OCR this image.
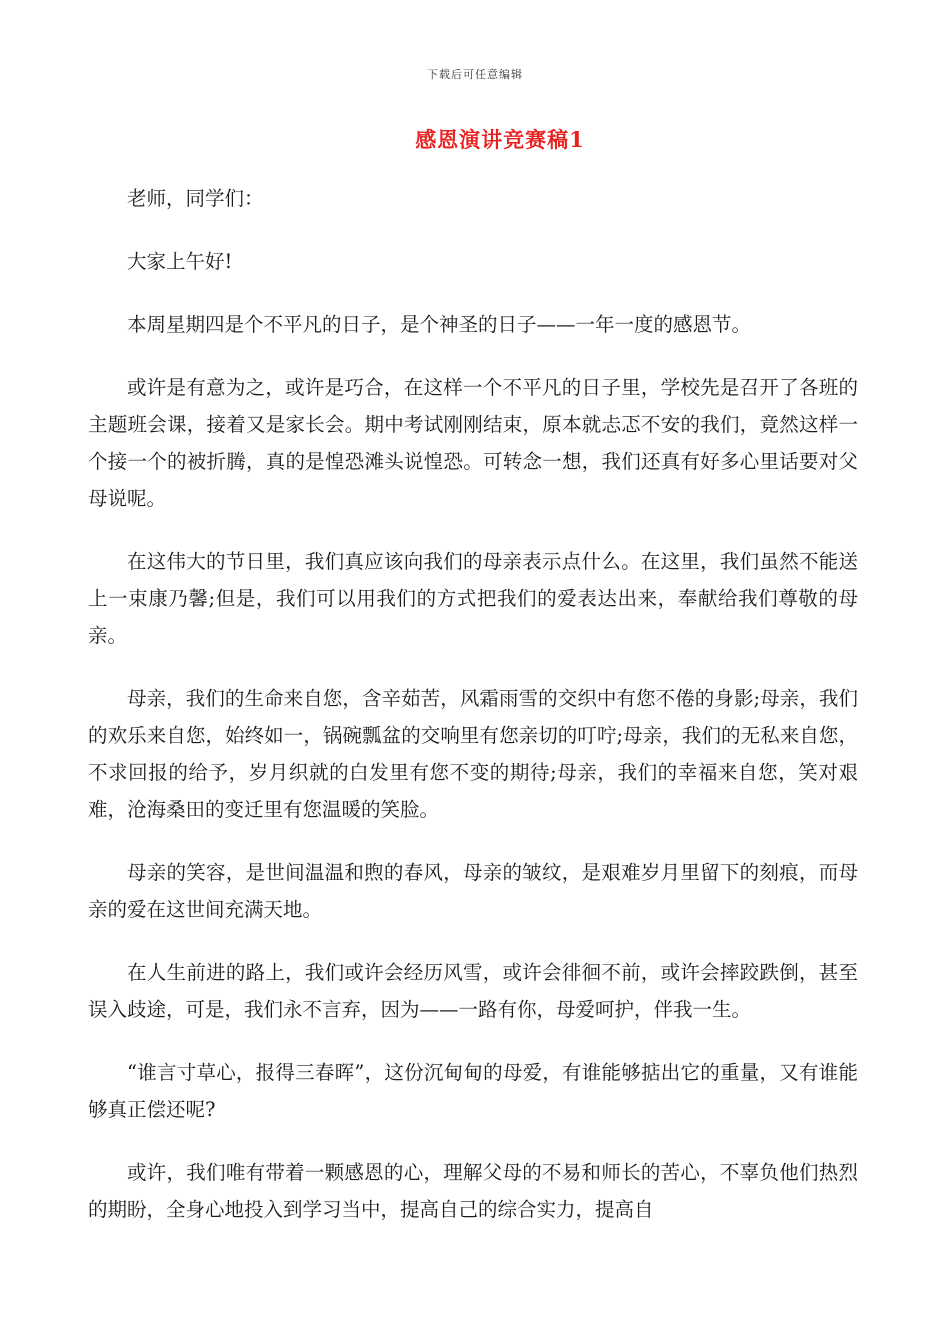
下载后可任意编辑
感恩演讲竞赛稿1

老师，同学们：

大家上午好!

本周星期四是个不平凡的日子，是个神圣的日子——一年一度的感恩节。

或许是有意为之，或许是巧合，在这样一个不平凡的日子里，学校先是召开了各班的主题班会课，接着又是家长会。期中考试刚刚结束，原本就忐忑不安的我们，竟然这样一个接一个的被折腾，真的是惶恐滩头说惶恐。可转念一想，我们还真有好多心里话要对父母说呢。

在这伟大的节日里，我们真应该向我们的母亲表示点什么。在这里，我们虽然不能送上一束康乃馨;但是，我们可以用我们的方式把我们的爱表达出来，奉献给我们尊敬的母亲。

母亲，我们的生命来自您，含辛茹苦，风霜雨雪的交织中有您不倦的身影;母亲，我们的欢乐来自您，始终如一，锅碗瓢盆的交响里有您亲切的叮咛;母亲，我们的无私来自您，不求回报的给予，岁月织就的白发里有您不变的期待;母亲，我们的幸福来自您，笑对艰难，沧海桑田的变迁里有您温暖的笑脸。

母亲的笑容，是世间温温和煦的春风，母亲的皱纹，是艰难岁月里留下的刻痕，而母亲的爱在这世间充满天地。

在人生前进的路上，我们或许会经历风雪，或许会徘徊不前，或许会摔跤跌倒，甚至误入歧途，可是，我们永不言弃，因为——一路有你，母爱呵护，伴我一生。

“谁言寸草心，报得三春晖”，这份沉甸甸的母爱，有谁能够掂出它的重量，又有谁能够真正偿还呢?

或许，我们唯有带着一颗感恩的心，理解父母的不易和师长的苦心，不辜负他们热烈的期盼，全身心地投入到学习当中，提高自己的综合实力，提高自
